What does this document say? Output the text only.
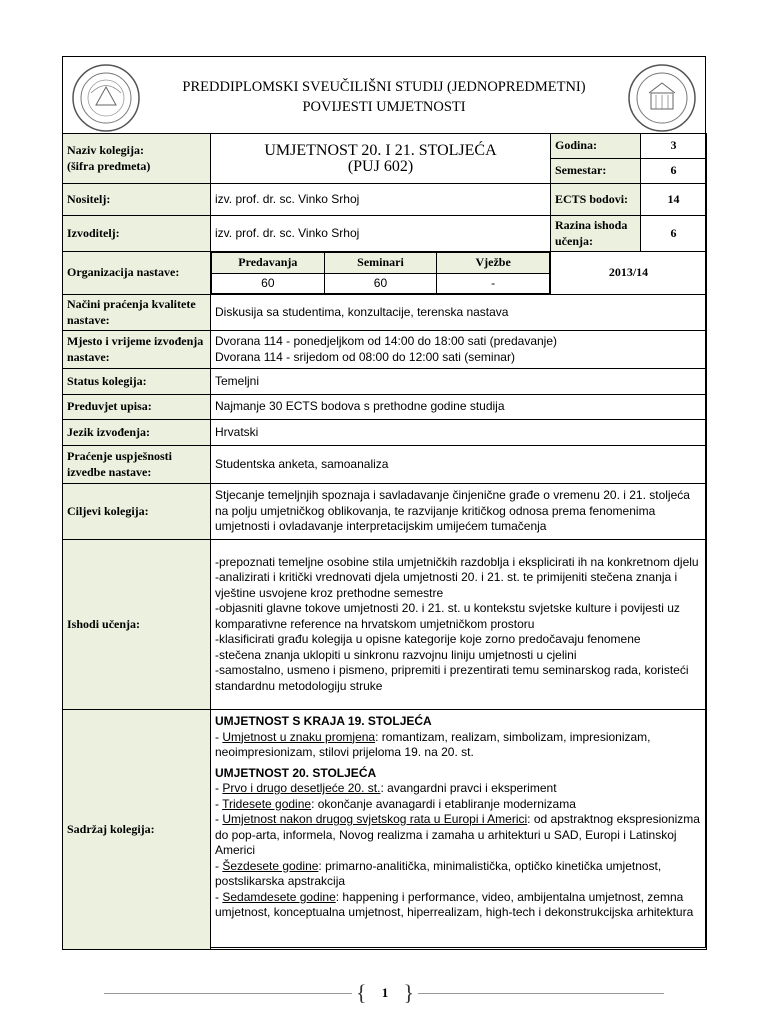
PREDDIPLOMSKI SVEUČILIŠNI STUDIJ (JEDNOPREDMETNI)
POVIJESTI UMJETNOSTI
Naziv kolegija:
(šifra predmeta)

UMJETNOST 20. I 21. STOLJEĆA
(PUJ 602)
	Godina:	3
Semestar:	6
Nositelj:	izv. prof. dr. sc. Vinko Srhoj	ECTS bodovi:	14
Izvoditelj:	izv. prof. dr. sc. Vinko Srhoj	Razina ishoda učenja:	6
Organizacija nastave:	
Predavanja	Seminari	Vježbe
60	60	-
	2013/14
Načini praćenja kvalitete nastave:	Diskusija sa studentima, konzultacije, terenska nastava
Mjesto i vrijeme izvođenja nastave:	
Dvorana 114 - ponedjeljkom od 14:00 do 18:00 sati (predavanje)
Dvorana 114 - srijedom od 08:00 do 12:00 sati (seminar)

Status kolegija:	Temeljni
Preduvjet upisa:	Najmanje 30 ECTS bodova s prethodne godine studija
Jezik izvođenja:	Hrvatski
Praćenje uspješnosti izvedbe nastave:	Studentska anketa, samoanaliza
Ciljevi kolegija:	Stjecanje temeljnjih spoznaja i savladavanje činjenične građe o vremenu 20. i 21. stoljeća na polju umjetničkog oblikovanja, te razvijanje kritičkog odnosa prema fenomenima umjetnosti i ovladavanje interpretacijskim umijećem tumačenja
Ishodi učenja:	
-prepoznati temeljne osobine stila umjetničkih razdoblja i eksplicirati ih na konkretnom djelu
-analizirati i kritički vrednovati djela umjetnosti 20. i 21. st. te primijeniti stečena znanja i vještine usvojene kroz prethodne semestre
-objasniti glavne tokove umjetnosti 20. i 21. st. u kontekstu svjetske kulture i povijesti uz komparativne reference na hrvatskom umjetničkom prostoru
-klasificirati građu kolegija u opisne kategorije koje zorno predočavaju fenomene
-stečena znanja uklopiti u sinkronu razvojnu liniju umjetnosti u cjelini
-samostalno, usmeno i pismeno, pripremiti i prezentirati temu seminarskog rada, koristeći standardnu metodologiju struke

Sadržaj kolegija:	
UMJETNOST S KRAJA 19. STOLJEĆA
- Umjetnost u znaku promjena: romantizam, realizam, simbolizam, impresionizam, neoimpresionizam, stilovi prijeloma 19. na 20. st.
UMJETNOST 20. STOLJEĆA
- Prvo i drugo desetljeće 20. st.: avangardni pravci i eksperiment
- Tridesete godine: okončanje avanagardi i etabliranje modernizama
- Umjetnost nakon drugog svjetskog rata u Europi i Americi: od apstraktnog ekspresionizma do pop-arta, informela, Novog realizma i zamaha u arhitekturi u SAD, Europi i Latinskoj Americi
- Šezdesete godine: primarno-analitička, minimalistička, optičko kinetička umjetnost, postslikarska apstrakcija
- Sedamdesete godine: happening i performance, video, ambijentalna umjetnost, zemna umjetnost, konceptualna umjetnost, hiperrealizam, high-tech i dekonstrukcijska arhitektura
{ 1 }
